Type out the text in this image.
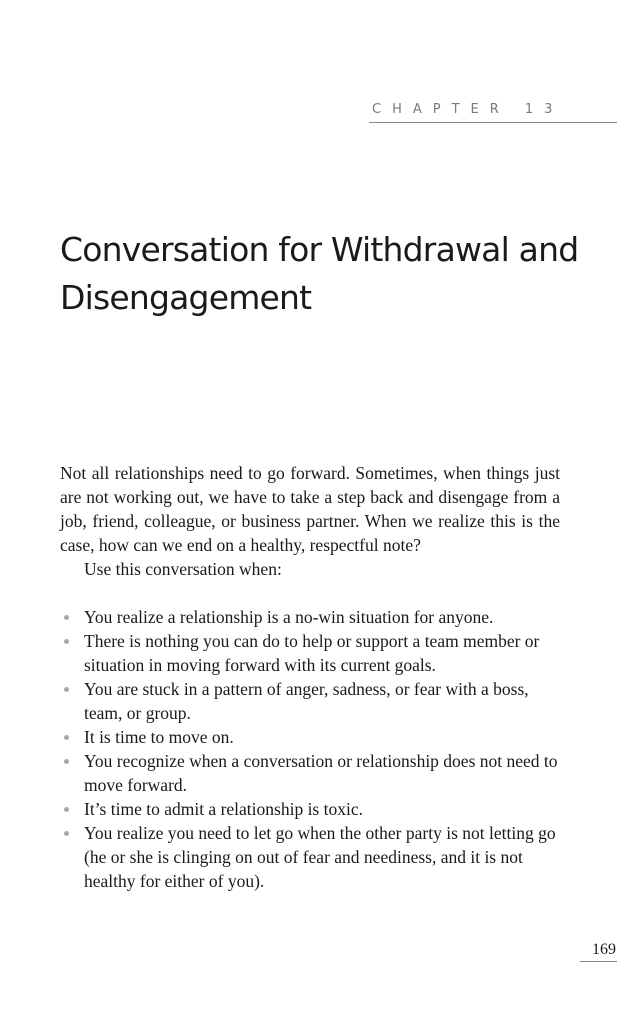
CHAPTER 13
Conversation for Withdrawal and Disengagement

Not all relationships need to go forward. Sometimes, when things just are not working out, we have to take a step back and disengage from a job, friend, colleague, or business partner. When we realize this is the case, how can we end on a healthy, respectful note?

Use this conversation when:

You realize a relationship is a no-win situation for anyone.
There is nothing you can do to help or support a team member or situation in moving forward with its current goals.
You are stuck in a pattern of anger, sadness, or fear with a boss, team, or group.
It is time to move on.
You recognize when a conversation or relationship does not need to move forward.
It’s time to admit a relationship is toxic.
You realize you need to let go when the other party is not letting go (he or she is clinging on out of fear and neediness, and it is not healthy for either of you).
169
